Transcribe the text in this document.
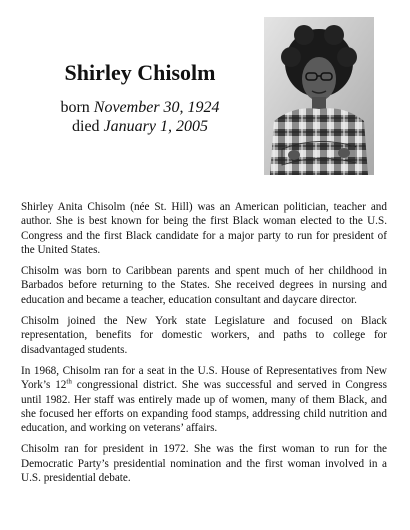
Shirley Chisolm
born November 30, 1924
died January 1, 2005

Shirley Anita Chisolm (née St. Hill) was an American politician, teacher and author. She is best known for being the first Black woman elected to the U.S. Congress and the first Black candidate for a major party to run for president of the United States.

Chisolm was born to Caribbean parents and spent much of her childhood in Barbados before returning to the States. She received degrees in nursing and education and became a teacher, education consultant and daycare director.

Chisolm joined the New York state Legislature and focused on Black representation, benefits for domestic workers, and paths to college for disadvantaged students.

In 1968, Chisolm ran for a seat in the U.S. House of Representatives from New York’s 12th congressional district. She was successful and served in Congress until 1982. Her staff was entirely made up of women, many of them Black, and she focused her efforts on expanding food stamps, addressing child nutrition and education, and working on veterans’ affairs.

Chisolm ran for president in 1972. She was the first woman to run for the Democratic Party’s presidential nomination and the first woman involved in a U.S. presidential debate.
